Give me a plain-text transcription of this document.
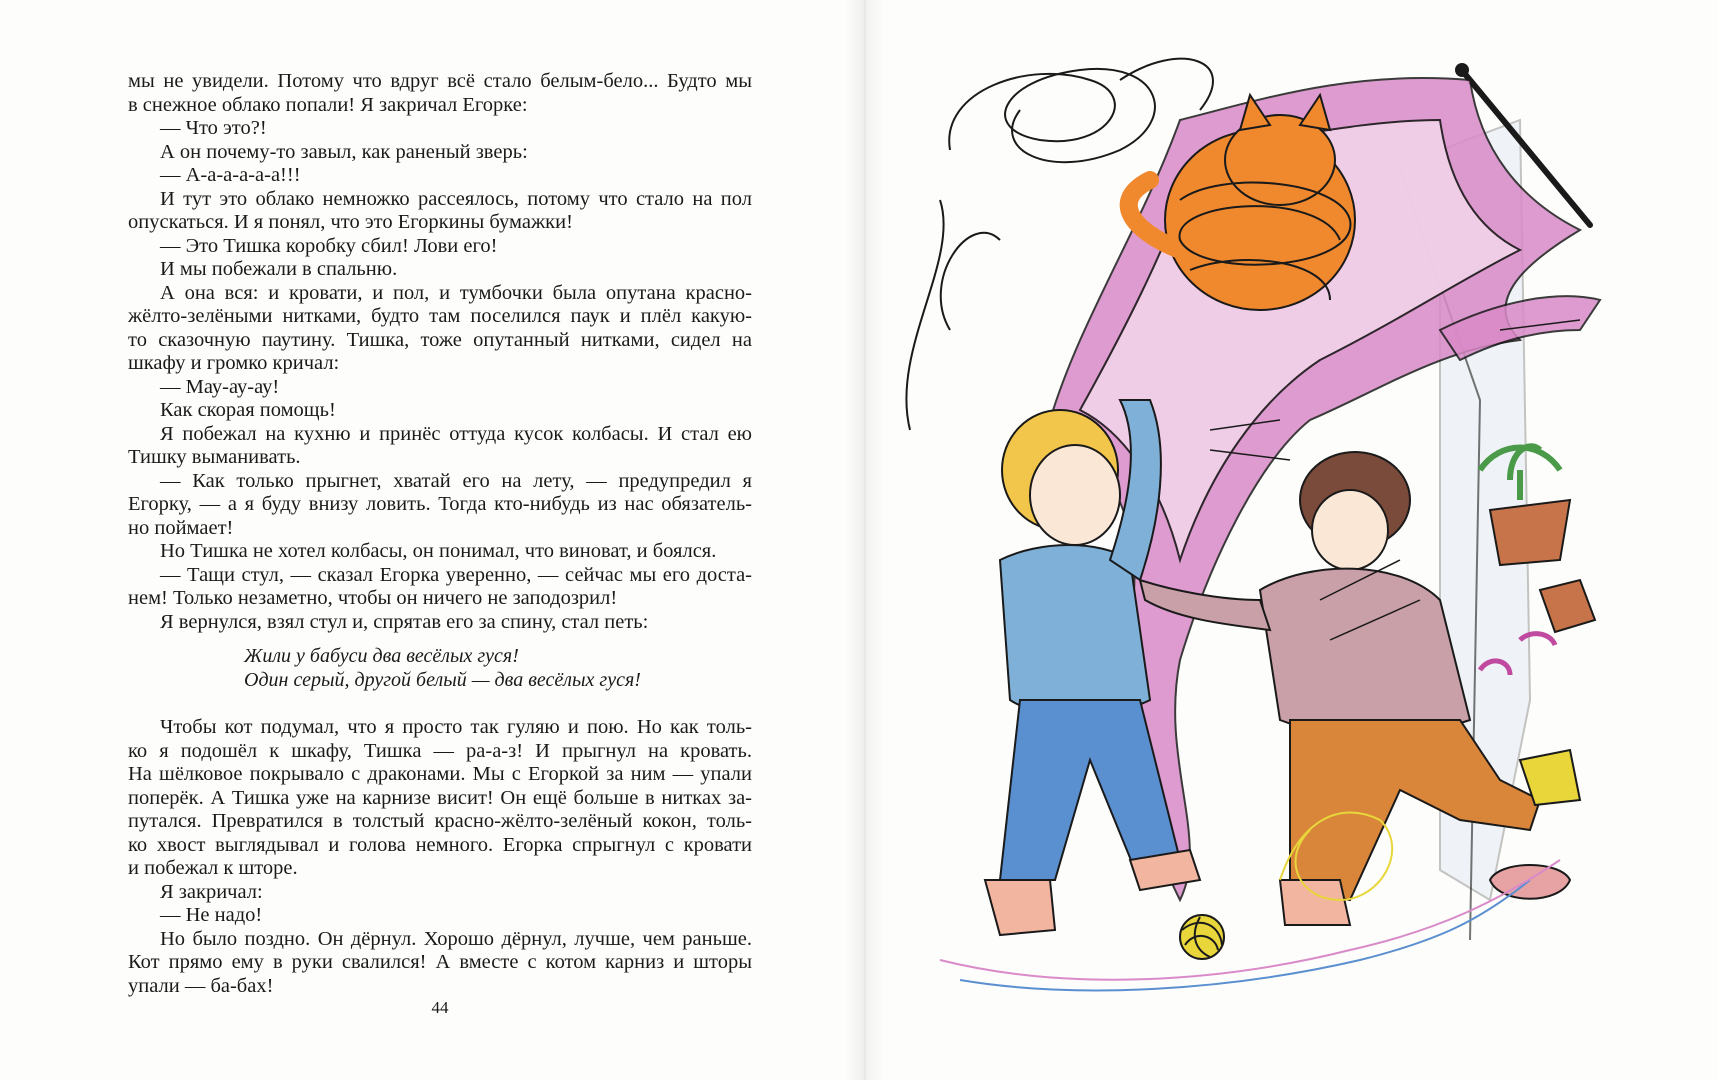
мы не увидели. Потому что вдруг всё стало белым-бело... Будто мы

в снежное облако попали! Я закричал Егорке:

— Что это?!

А он почему-то завыл, как раненый зверь:

— А-а-а-а-а-а!!!

И тут это облако немножко рассеялось, потому что стало на пол

опускаться. И я понял, что это Егоркины бумажки!

— Это Тишка коробку сбил! Лови его!

И мы побежали в спальню.

А она вся: и кровати, и пол, и тумбочки была опутана красно-

жёлто-зелёными нитками, будто там поселился паук и плёл какую-

то сказочную паутину. Тишка, тоже опутанный нитками, сидел на

шкафу и громко кричал:

— Мау-ау-ау!

Как скорая помощь!

Я побежал на кухню и принёс оттуда кусок колбасы. И стал ею

Тишку выманивать.

— Как только прыгнет, хватай его на лету, — предупредил я

Егорку, — а я буду внизу ловить. Тогда кто-нибудь из нас обязатель-

но поймает!

Но Тишка не хотел колбасы, он понимал, что виноват, и боялся.

— Тащи стул, — сказал Егорка уверенно, — сейчас мы его доста-

нем! Только незаметно, чтобы он ничего не заподозрил!

Я вернулся, взял стул и, спрятав его за спину, стал петь:

Жили у бабуси два весёлых гуся!
Один серый, другой белый — два весёлых гуся!

Чтобы кот подумал, что я просто так гуляю и пою. Но как толь-

ко я подошёл к шкафу, Тишка — ра-а-з! И прыгнул на кровать.

На шёлковое покрывало с драконами. Мы с Егоркой за ним — упали

поперёк. А Тишка уже на карнизе висит! Он ещё больше в нитках за-

путался. Превратился в толстый красно-жёлто-зелёный кокон, толь-

ко хвост выглядывал и голова немного. Егорка спрыгнул с кровати

и побежал к шторе.

Я закричал:

— Не надо!

Но было поздно. Он дёрнул. Хорошо дёрнул, лучше, чем раньше.

Кот прямо ему в руки свалился! А вместе с котом карниз и шторы

упали — ба-бах!

44
